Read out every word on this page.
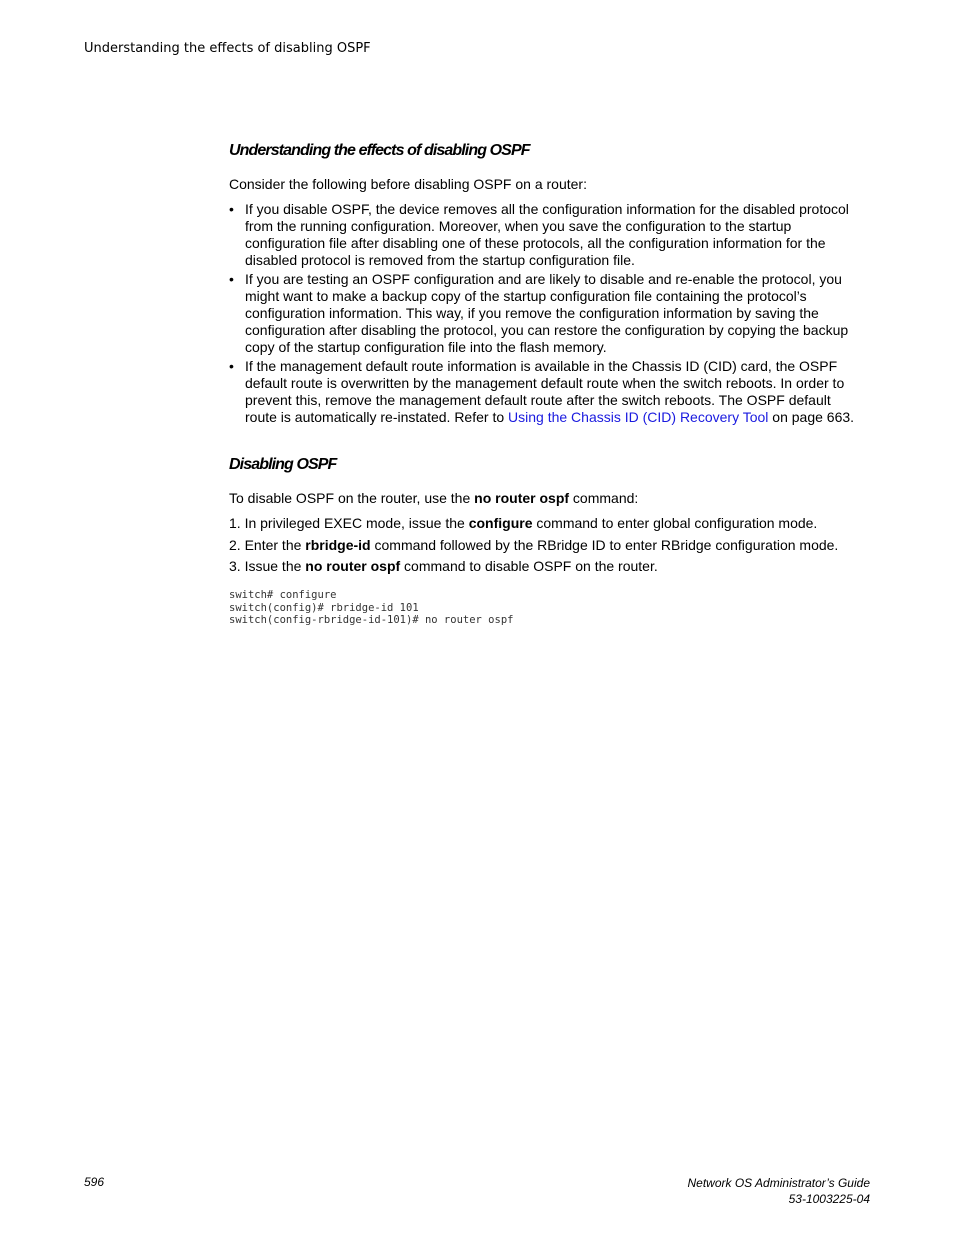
Understanding the effects of disabling OSPF
Understanding the effects of disabling OSPF

Consider the following before disabling OSPF on a router:

• If you disable OSPF, the device removes all the configuration information for the disabled protocol from the running configuration. Moreover, when you save the configuration to the startup configuration file after disabling one of these protocols, all the configuration information for the disabled protocol is removed from the startup configuration file.
• If you are testing an OSPF configuration and are likely to disable and re-enable the protocol, you might want to make a backup copy of the startup configuration file containing the protocol’s configuration information. This way, if you remove the configuration information by saving the configuration after disabling the protocol, you can restore the configuration by copying the backup copy of the startup configuration file into the flash memory.
• If the management default route information is available in the Chassis ID (CID) card, the OSPF default route is overwritten by the management default route when the switch reboots. In order to prevent this, remove the management default route after the switch reboots. The OSPF default route is automatically re-instated. Refer to Using the Chassis ID (CID) Recovery Tool on page 663.
Disabling OSPF

To disable OSPF on the router, use the no router ospf command:

1. In privileged EXEC mode, issue the configure command to enter global configuration mode.
2. Enter the rbridge-id command followed by the RBridge ID to enter RBridge configuration mode.
3. Issue the no router ospf command to disable OSPF on the router.
switch# configure
switch(config)# rbridge-id 101
switch(config-rbridge-id-101)# no router ospf
596	Network OS Administrator’s Guide
53-1003225-04
